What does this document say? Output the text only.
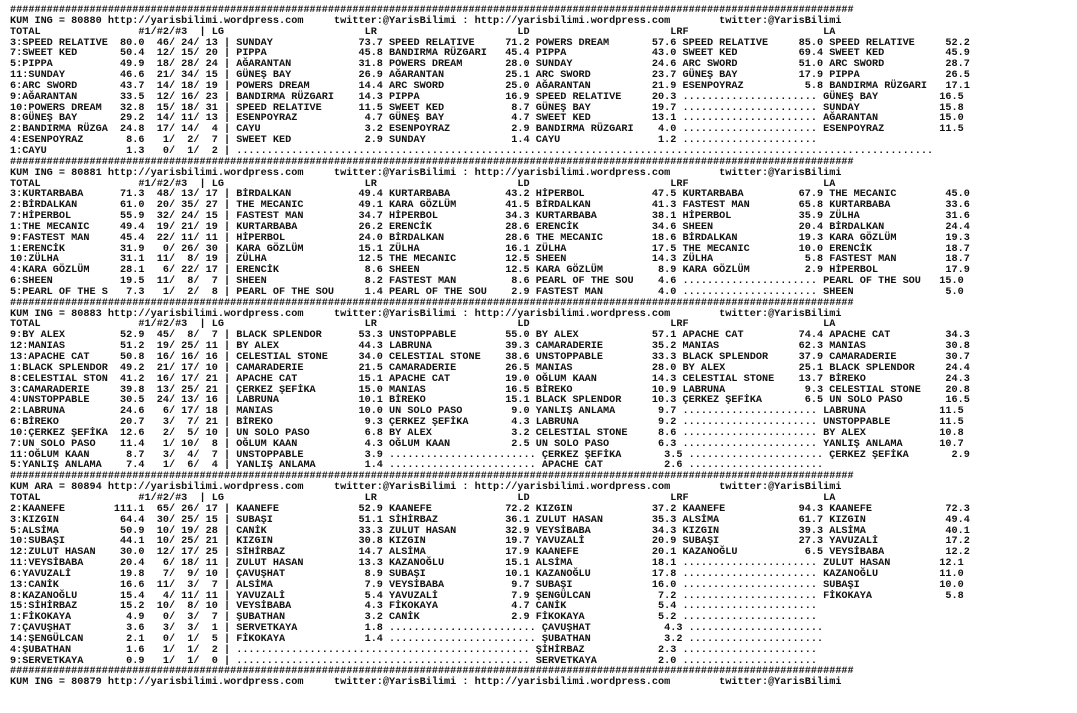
##########################################################################################################################################
KUM ING = 80880 http://yarisbilimi.wordpress.com     twitter:@YarisBilimi : http://yarisbilimi.wordpress.com        twitter:@YarisBilimi
TOTAL                #1/#2/#3  | LG                       LR                       LD                       LRF                      LA
3:SPEED RELATIVE  80.0  46/ 24/ 13 | SUNDAY              73.7 SPEED RELATIVE     71.2 POWERS DREAM       57.6 SPEED RELATIVE     85.0 SPEED RELATIVE     52.2
7:SWEET KED       50.4  12/ 15/ 20 | PIPPA               45.8 BANDIRMA RÜZGARI   45.4 PIPPA              43.0 SWEET KED          69.4 SWEET KED          45.9
5:PIPPA           49.9  18/ 28/ 24 | AĞARANTAN           31.8 POWERS DREAM       28.0 SUNDAY             24.6 ARC SWORD          51.0 ARC SWORD          28.7
11:SUNDAY         46.6  21/ 34/ 15 | GÜNEŞ BAY           26.9 AĞARANTAN          25.1 ARC SWORD          23.7 GÜNEŞ BAY          17.9 PIPPA              26.5
6:ARC SWORD       43.7  14/ 18/ 19 | POWERS DREAM        14.4 ARC SWORD          25.0 AĞARANTAN          21.9 ESENPOYRAZ          5.8 BANDIRMA RÜZGARI   17.1
9:AĞARANTAN       33.5  12/ 16/ 23 | BANDIRMA RÜZGARI    14.3 PIPPA              16.9 SPEED RELATIVE     20.3 ...................... GÜNEŞ BAY          16.5
10:POWERS DREAM   32.8  15/ 18/ 31 | SPEED RELATIVE      11.5 SWEET KED           8.7 GÜNEŞ BAY          19.7 ...................... SUNDAY             15.8
8:GÜNEŞ BAY       29.2  14/ 11/ 13 | ESENPOYRAZ           4.7 GÜNEŞ BAY           4.7 SWEET KED          13.1 ...................... AĞARANTAN          15.0
2:BANDIRMA RÜZGA  24.8  17/ 14/  4 | CAYU                 3.2 ESENPOYRAZ          2.9 BANDIRMA RÜZGARI    4.0 ...................... ESENPOYRAZ         11.5
4:ESENPOYRAZ       8.6   1/  2/  7 | SWEET KED            2.9 SUNDAY              1.4 CAYU                1.2 ......................
1:CAYU             1.3   0/  1/  2 | ..................................................................................................................
##########################################################################################################################################
KUM ING = 80881 http://yarisbilimi.wordpress.com     twitter:@YarisBilimi : http://yarisbilimi.wordpress.com        twitter:@YarisBilimi
TOTAL                #1/#2/#3  | LG                       LR                       LD                       LRF                      LA
3:KURTARBABA      71.3  48/ 13/ 17 | BİRDALKAN           49.4 KURTARBABA         43.2 HİPERBOL           47.5 KURTARBABA         67.9 THE MECANIC        45.0
2:BİRDALKAN       61.0  20/ 35/ 27 | THE MECANIC         49.1 KARA GÖZLÜM        41.5 BİRDALKAN          41.3 FASTEST MAN        65.8 KURTARBABA         33.6
7:HİPERBOL        55.9  32/ 24/ 15 | FASTEST MAN         34.7 HİPERBOL           34.3 KURTARBABA         38.1 HİPERBOL           35.9 ZÜLHA              31.6
1:THE MECANIC     49.4  19/ 21/ 19 | KURTARBABA          26.2 ERENCİK            28.6 ERENCİK            34.6 SHEEN              20.4 BİRDALKAN          24.4
9:FASTEST MAN     45.4  22/ 11/ 11 | HİPERBOL            24.0 BİRDALKAN          28.6 THE MECANIC        18.6 BİRDALKAN          19.3 KARA GÖZLÜM        19.3
1:ERENCİK         31.9   0/ 26/ 30 | KARA GÖZLÜM         15.1 ZÜLHA              16.1 ZÜLHA              17.5 THE MECANIC        10.0 ERENCİK            18.7
10:ZÜLHA          31.1  11/  8/ 19 | ZÜLHA               12.5 THE MECANIC        12.5 SHEEN              14.3 ZÜLHA               5.8 FASTEST MAN        18.7
4:KARA GÖZLÜM     28.1   6/ 22/ 17 | ERENCİK              8.6 SHEEN              12.5 KARA GÖZLÜM         8.9 KARA GÖZLÜM         2.9 HİPERBOL           17.9
6:SHEEN           19.5  11/  8/  7 | SHEEN                8.2 FASTEST MAN         8.6 PEARL OF THE SOU    4.6 ...................... PEARL OF THE SOU   15.0
5:PEARL OF THE S   7.3   1/  2/  8 | PEARL OF THE SOU     1.4 PEARL OF THE SOU    2.9 FASTEST MAN         4.0 ...................... SHEEN               5.0
##########################################################################################################################################
KUM ING = 80883 http://yarisbilimi.wordpress.com     twitter:@YarisBilimi : http://yarisbilimi.wordpress.com        twitter:@YarisBilimi
TOTAL                #1/#2/#3  | LG                       LR                       LD                       LRF                      LA
9:BY ALEX         52.9  45/  8/  7 | BLACK SPLENDOR      53.3 UNSTOPPABLE        55.0 BY ALEX            57.1 APACHE CAT         74.4 APACHE CAT         34.3
12:MANIAS         51.2  19/ 25/ 11 | BY ALEX             44.3 LABRUNA            39.3 CAMARADERIE        35.2 MANIAS             62.3 MANIAS             30.8
13:APACHE CAT     50.8  16/ 16/ 16 | CELESTIAL STONE     34.0 CELESTIAL STONE    38.6 UNSTOPPABLE        33.3 BLACK SPLENDOR     37.9 CAMARADERIE        30.7
1:BLACK SPLENDOR  49.2  21/ 17/ 10 | CAMARADERIE         21.5 CAMARADERIE        26.5 MANIAS             28.0 BY ALEX            25.1 BLACK SPLENDOR     24.4
8:CELESTIAL STON  41.2  16/ 17/ 21 | APACHE CAT          15.1 APACHE CAT         19.0 OĞLUM KAAN         14.3 CELESTIAL STONE    13.7 BİREKO             24.3
3:CAMARADERIE     39.8  13/ 25/ 21 | ÇERKEZ ŞEFİKA       15.0 MANIAS             16.5 BİREKO             10.9 LABRUNA             9.3 CELESTIAL STONE    20.8
4:UNSTOPPABLE     30.5  24/ 13/ 16 | LABRUNA             10.1 BİREKO             15.1 BLACK SPLENDOR     10.3 ÇERKEZ ŞEFİKA       6.5 UN SOLO PASO       16.5
2:LABRUNA         24.6   6/ 17/ 18 | MANIAS              10.0 UN SOLO PASO        9.0 YANLIŞ ANLAMA       9.7 ...................... LABRUNA            11.5
6:BİREKO          20.7   3/  7/ 21 | BİREKO               9.3 ÇERKEZ ŞEFİKA       4.3 LABRUNA             9.2 ...................... UNSTOPPABLE        11.5
10:ÇERKEZ ŞEFİKA  12.6   2/  5/ 10 | UN SOLO PASO         6.8 BY ALEX             3.2 CELESTIAL STONE     8.6 ...................... BY ALEX            10.8
7:UN SOLO PASO    11.4   1/ 10/  8 | OĞLUM KAAN           4.3 OĞLUM KAAN          2.5 UN SOLO PASO        6.3 ...................... YANLIŞ ANLAMA      10.7
11:OĞLUM KAAN      8.7   3/  4/  7 | UNSTOPPABLE          3.9 ........................ ÇERKEZ ŞEFİKA       3.5 ...................... ÇERKEZ ŞEFİKA       2.9
5:YANLIŞ ANLAMA    7.4   1/  6/  4 | YANLIŞ ANLAMA        1.4 ........................ APACHE CAT          2.6 ......................
##########################################################################################################################################
KUM ARA = 80894 http://yarisbilimi.wordpress.com     twitter:@YarisBilimi : http://yarisbilimi.wordpress.com        twitter:@YarisBilimi
TOTAL                #1/#2/#3  | LG                       LR                       LD                       LRF                      LA
2:KAANEFE        111.1  65/ 26/ 17 | KAANEFE             52.9 KAANEFE            72.2 KIZGIN             37.2 KAANEFE            94.3 KAANEFE            72.3
3:KIZGIN          64.4  30/ 25/ 15 | SUBAŞI              51.1 SİHİRBAZ           36.1 ZULUT HASAN        35.3 ALSİMA             61.7 KIZGIN             49.4
5:ALSİMA          50.9  10/ 19/ 28 | CANİK               33.3 ZULUT HASAN        32.9 VEYSİBABA          34.3 KIZGIN             39.3 ALSİMA             40.1
10:SUBAŞI         44.1  10/ 25/ 21 | KIZGIN              30.8 KIZGIN             19.7 YAVUZALİ           20.9 SUBAŞI             27.3 YAVUZALİ           17.2
12:ZULUT HASAN    30.0  12/ 17/ 25 | SİHİRBAZ            14.7 ALSİMA             17.9 KAANEFE            20.1 KAZANOĞLU           6.5 VEYSİBABA          12.2
11:VEYSİBABA      20.4   6/ 18/ 11 | ZULUT HASAN         13.3 KAZANOĞLU          15.1 ALSİMA             18.1 ...................... ZULUT HASAN        12.1
6:YAVUZALİ        19.8   7/  9/ 10 | ÇAVUŞHAT             8.9 SUBAŞI             10.1 KAZANOĞLU          17.8 ...................... KAZANOĞLU          11.0
13:CANİK          16.6  11/  3/  7 | ALSİMA               7.9 VEYSİBABA           9.7 SUBAŞI             16.0 ...................... SUBAŞI             10.0
8:KAZANOĞLU       15.4   4/ 11/ 11 | YAVUZALİ             5.4 YAVUZALİ            7.9 ŞENGÜLCAN           7.2 ...................... FİKOKAYA            5.8
15:SİHİRBAZ       15.2  10/  8/ 10 | VEYSİBABA            4.3 FİKOKAYA            4.7 CANİK               5.4 ......................
1:FİKOKAYA         4.9   0/  3/  7 | ŞUBATHAN             3.2 CANİK               2.9 FİKOKAYA            5.2 ......................
7:ÇAVUŞHAT         3.6   3/  3/  1 | SERVETKAYA           1.8 ........................ ÇAVUŞHAT            4.3 ......................
14:ŞENGÜLCAN       2.1   0/  1/  5 | FİKOKAYA             1.4 ........................ ŞUBATHAN            3.2 ......................
4:ŞUBATHAN         1.6   1/  1/  2 | ................................................ ŞİHİRBAZ            2.3 ......................
9:SERVETKAYA       0.9   1/  1/  0 | ................................................ SERVETKAYA          2.0 ......................
##########################################################################################################################################
KUM ING = 80879 http://yarisbilimi.wordpress.com     twitter:@YarisBilimi : http://yarisbilimi.wordpress.com        twitter:@YarisBilimi
